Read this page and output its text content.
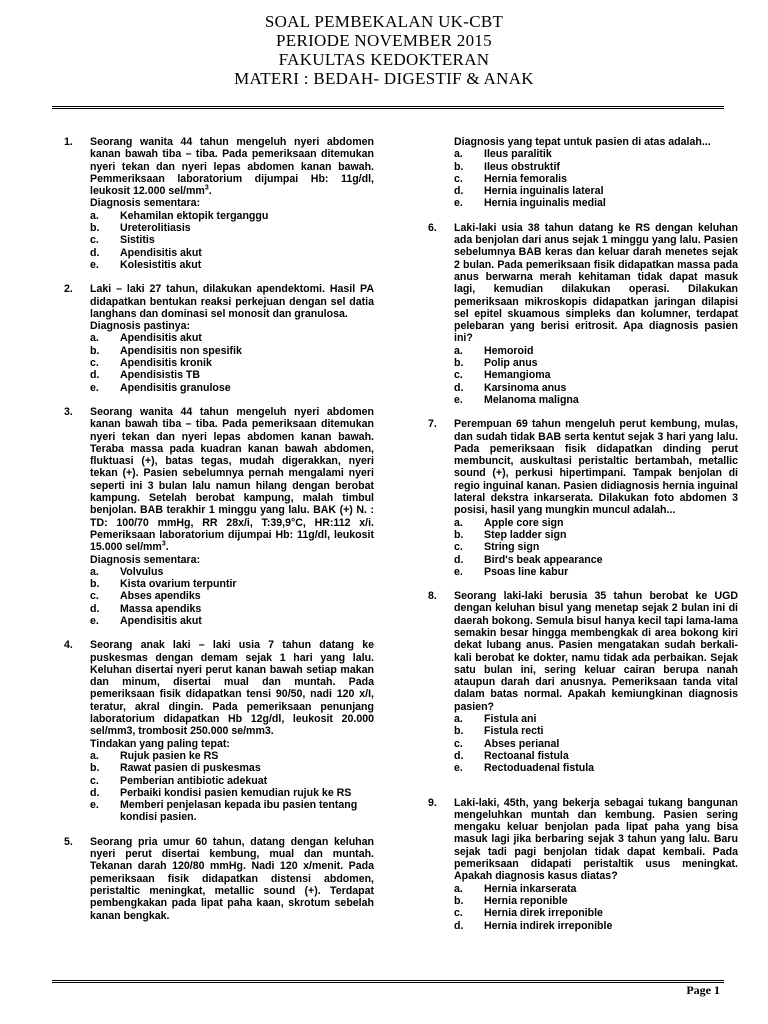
SOAL PEMBEKALAN UK-CBT
PERIODE NOVEMBER 2015
FAKULTAS KEDOKTERAN
MATERI : BEDAH- DIGESTIF & ANAK
1. Seorang wanita 44 tahun mengeluh nyeri abdomen kanan bawah tiba – tiba. Pada pemeriksaan ditemukan nyeri tekan dan nyeri lepas abdomen kanan bawah. Pemmeriksaan laboratorium dijumpai Hb: 11g/dl, leukosit 12.000 sel/$mm^3$.
Diagnosis sementara:
a. Kehamilan ektopik terganggu
b. Ureterolitiasis
c. Sistitis
d. Apendisitis akut
e. Kolesistitis akut
2. Laki – laki 27 tahun, dilakukan apendektomi. Hasil PA didapatkan bentukan reaksi perkejuan dengan sel datia langhans dan dominasi sel monosit dan granulosa.
Diagnosis pastinya:
a. Apendisitis akut
b. Apendisitis non spesifik
c. Apendisitis kronik
d. Apendisistis TB
e. Apendisitis granulose
3. Seorang wanita 44 tahun mengeluh nyeri abdomen kanan bawah tiba – tiba. Pada pemeriksaan ditemukan nyeri tekan dan nyeri lepas abdomen kanan bawah. Teraba massa pada kuadran kanan bawah abdomen, fluktuasi (+), batas tegas, mudah digerakkan, nyeri tekan (+). Pasien sebelumnya pernah mengalami nyeri seperti ini 3 bulan lalu namun hilang dengan berobat kampung. Setelah berobat kampung, malah timbul benjolan. BAB terakhir 1 minggu yang lalu. BAK (+) N. : TD: 100/70 mmHg, RR 28x/i, T:39,9°C, HR:112 x/i. Pemeriksaan laboratorium dijumpai Hb: 11g/dl, leukosit 15.000 sel/$mm^3$.
Diagnosis sementara:
a. Volvulus
b. Kista ovarium terpuntir
c. Abses apendiks
d. Massa apendiks
e. Apendisitis akut
4. Seorang anak laki – laki usia 7 tahun datang ke puskesmas dengan demam sejak 1 hari yang lalu. Keluhan disertai nyeri perut kanan bawah setiap makan dan minum, disertai mual dan muntah. Pada pemeriksaan fisik didapatkan tensi 90/50, nadi 120 x/I, teratur, akral dingin. Pada pemeriksaan penunjang laboratorium didapatkan Hb 12g/dl, leukosit 20.000 sel/mm3, trombosit 250.000 se/mm3.
Tindakan yang paling tepat:
a. Rujuk pasien ke RS
b. Rawat pasien di puskesmas
c. Pemberian antibiotic adekuat
d. Perbaiki kondisi pasien kemudian rujuk ke RS
e. Memberi penjelasan kepada ibu pasien tentang kondisi pasien.
5. Seorang pria umur 60 tahun, datang dengan keluhan nyeri perut disertai kembung, mual dan muntah. Tekanan darah 120/80 mmHg. Nadi 120 x/menit. Pada pemeriksaan fisik didapatkan distensi abdomen, peristaltic meningkat, metallic sound (+). Terdapat pembengkakan pada lipat paha kaan, skrotum sebelah kanan bengkak.
Diagnosis yang tepat untuk pasien di atas adalah...
a. Ileus paralitik
b. Ileus obstruktif
c. Hernia femoralis
d. Hernia inguinalis lateral
e. Hernia inguinalis medial
6. Laki-laki usia 38 tahun datang ke RS dengan keluhan ada benjolan dari anus sejak 1 minggu yang lalu. Pasien sebelumnya BAB keras dan keluar darah menetes sejak 2 bulan. Pada pemeriksaan fisik didapatkan massa pada anus berwarna merah kehitaman tidak dapat masuk lagi, kemudian dilakukan operasi. Dilakukan pemeriksaan mikroskopis didapatkan jaringan dilapisi sel epitel skuamous simpleks dan kolumner, terdapat pelebaran yang berisi eritrosit. Apa diagnosis pasien ini?
a. Hemoroid
b. Polip anus
c. Hemangioma
d. Karsinoma anus
e. Melanoma maligna
7. Perempuan 69 tahun mengeluh perut kembung, mulas, dan sudah tidak BAB serta kentut sejak 3 hari yang lalu. Pada pemeriksaan fisik didapatkan dinding perut membuncit, auskultasi peristaltic bertambah, metallic sound (+), perkusi hipertimpani. Tampak benjolan di regio inguinal kanan. Pasien didiagnosis hernia inguinal lateral dekstra inkarserata. Dilakukan foto abdomen 3 posisi, hasil yang mungkin muncul adalah...
a. Apple core sign
b. Step ladder sign
c. String sign
d. Bird's beak appearance
e. Psoas line kabur
8. Seorang laki-laki berusia 35 tahun berobat ke UGD dengan keluhan bisul yang menetap sejak 2 bulan ini di daerah bokong. Semula bisul hanya kecil tapi lama-lama semakin besar hingga membengkak di area bokong kiri dekat lubang anus. Pasien mengatakan sudah berkali-kali berobat ke dokter, namu tidak ada perbaikan. Sejak satu bulan ini, sering keluar cairan berupa nanah ataupun darah dari anusnya. Pemeriksaan tanda vital dalam batas normal. Apakah kemiungkinan diagnosis pasien?
a. Fistula ani
b. Fistula recti
c. Abses perianal
d. Rectoanal fistula
e. Rectoduadenal fistula
9. Laki-laki, 45th, yang bekerja sebagai tukang bangunan mengeluhkan muntah dan kembung. Pasien sering mengaku keluar benjolan pada lipat paha yang bisa masuk lagi jika berbaring sejak 3 tahun yang lalu. Baru sejak tadi pagi benjolan tidak dapat kembali. Pada pemeriksaan didapati peristaltik usus meningkat. Apakah diagnosis kasus diatas?
a. Hernia inkarserata
b. Hernia reponible
c. Hernia direk irreponible
d. Hernia indirek irreponible
Page 1
